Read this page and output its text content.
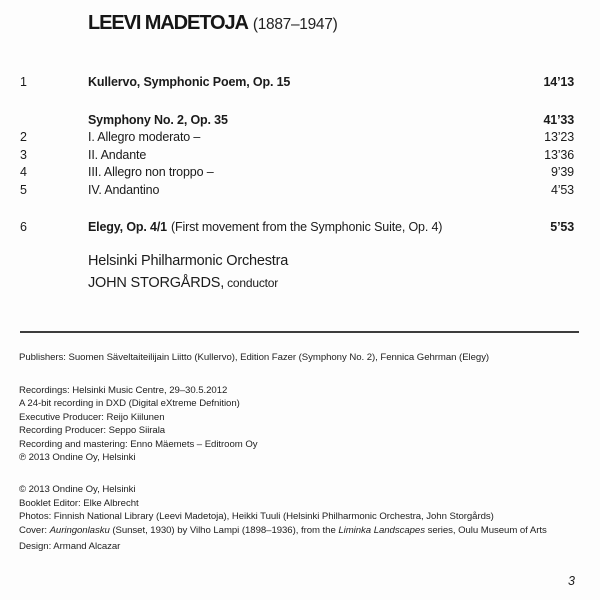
LEEVI MADETOJA (1887–1947)
1	Kullervo, Symphonic Poem, Op. 15	14’13
Symphony No. 2, Op. 35	41’33
2	I. Allegro moderato –	13’23
3	II. Andante	13’36
4	III. Allegro non troppo –	9’39
5	IV. Andantino	4’53
6	Elegy, Op. 4/1 (First movement from the Symphonic Suite, Op. 4)	5’53
Helsinki Philharmonic Orchestra
JOHN STORGÅRDS, conductor
Publishers: Suomen Säveltaiteilijain Liitto (Kullervo), Edition Fazer (Symphony No. 2), Fennica Gehrman (Elegy)
Recordings: Helsinki Music Centre, 29–30.5.2012
A 24-bit recording in DXD (Digital eXtreme Defnition)
Executive Producer: Reijo Kiilunen
Recording Producer: Seppo Siirala
Recording and mastering: Enno Mäemets – Editroom Oy
℗ 2013 Ondine Oy, Helsinki
© 2013 Ondine Oy, Helsinki
Booklet Editor: Elke Albrecht
Photos: Finnish National Library (Leevi Madetoja), Heikki Tuuli (Helsinki Philharmonic Orchestra, John Storgårds)
Cover: Auringonlasku (Sunset, 1930) by Vilho Lampi (1898–1936), from the Liminka Landscapes series, Oulu Museum of Arts
Design: Armand Alcazar
3
